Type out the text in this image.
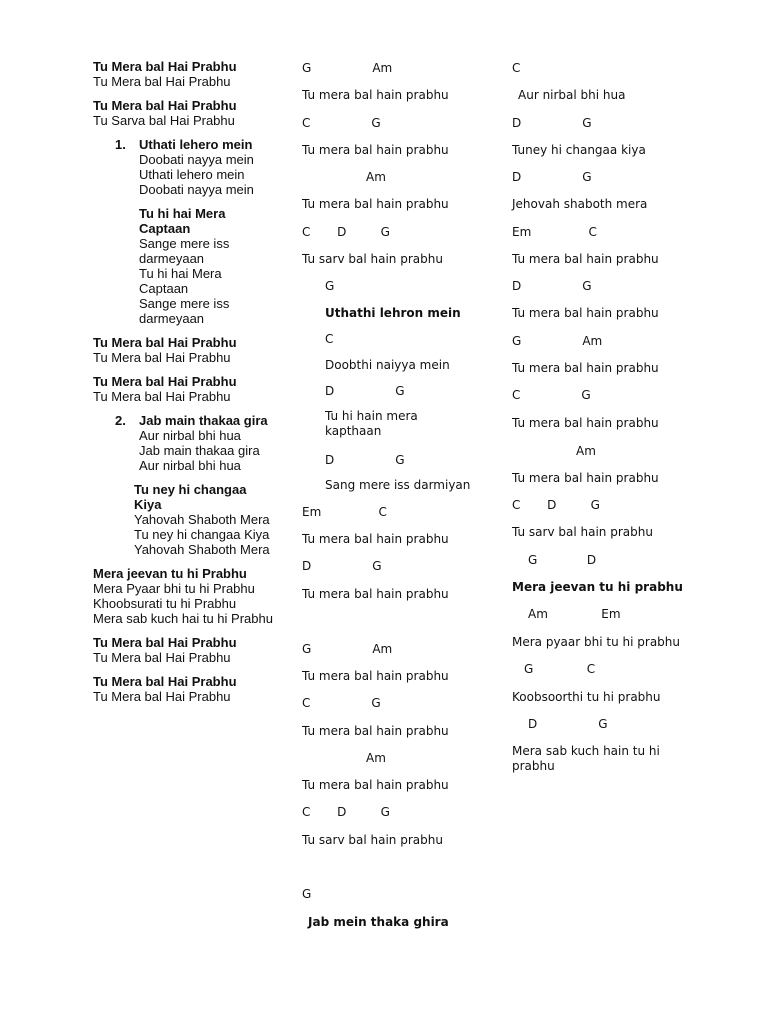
Tu Mera bal Hai Prabhu
Tu Mera bal Hai Prabhu
Tu Mera bal Hai Prabhu
Tu Sarva bal Hai Prabhu
1. Uthati lehero mein
Doobati nayya mein
Uthati lehero mein
Doobati nayya mein
Tu hi hai Mera Captaan
Sange mere iss darmeyaan
Tu hi hai Mera Captaan
Sange mere iss darmeyaan
Tu Mera bal Hai Prabhu
Tu Mera bal Hai Prabhu
Tu Mera bal Hai Prabhu
Tu Mera bal Hai Prabhu
2. Jab main thakaa gira
Aur nirbal bhi hua
Jab main thakaa gira
Aur nirbal bhi hua
Tu ney hi changaa Kiya
Yahovah Shaboth Mera
Tu ney hi changaa Kiya
Yahovah Shaboth Mera
Mera jeevan tu hi Prabhu
Mera Pyaar bhi tu hi Prabhu
Khoobsurati tu hi Prabhu
Mera sab kuch hai tu hi Prabhu
Tu Mera bal Hai Prabhu
Tu Mera bal Hai Prabhu
Tu Mera bal Hai Prabhu
Tu Mera bal Hai Prabhu
G                Am
Tu mera bal hain prabhu
C                G
Tu mera bal hain prabhu
Am
Tu mera bal hain prabhu
C       D         G
Tu sarv bal hain prabhu
G
Uthathi lehron mein
C
Doobthi naiyya mein
D                G
Tu hi hain mera kapthaan
D                G
Sang mere iss darmiyan
Em               C
Tu mera bal hain prabhu
D                G
Tu mera bal hain prabhu
G                Am
Tu mera bal hain prabhu
C                G
Tu mera bal hain prabhu
Am
Tu mera bal hain prabhu
C       D         G
Tu sarv bal hain prabhu
G
Jab mein thaka ghira
C
Aur nirbal bhi hua
D                G
Tuney hi changaa kiya
D                G
Jehovah shaboth mera
Em               C
Tu mera bal hain prabhu
D                G
Tu mera bal hain prabhu
G                Am
Tu mera bal hain prabhu
C                G
Tu mera bal hain prabhu
Am
Tu mera bal hain prabhu
C       D         G
Tu sarv bal hain prabhu
G             D
Mera jeevan tu hi prabhu
Am              Em
Mera pyaar bhi tu hi prabhu
G              C
Koobsoorthi tu hi prabhu
D                G
Mera sab kuch hain tu hi prabhu
